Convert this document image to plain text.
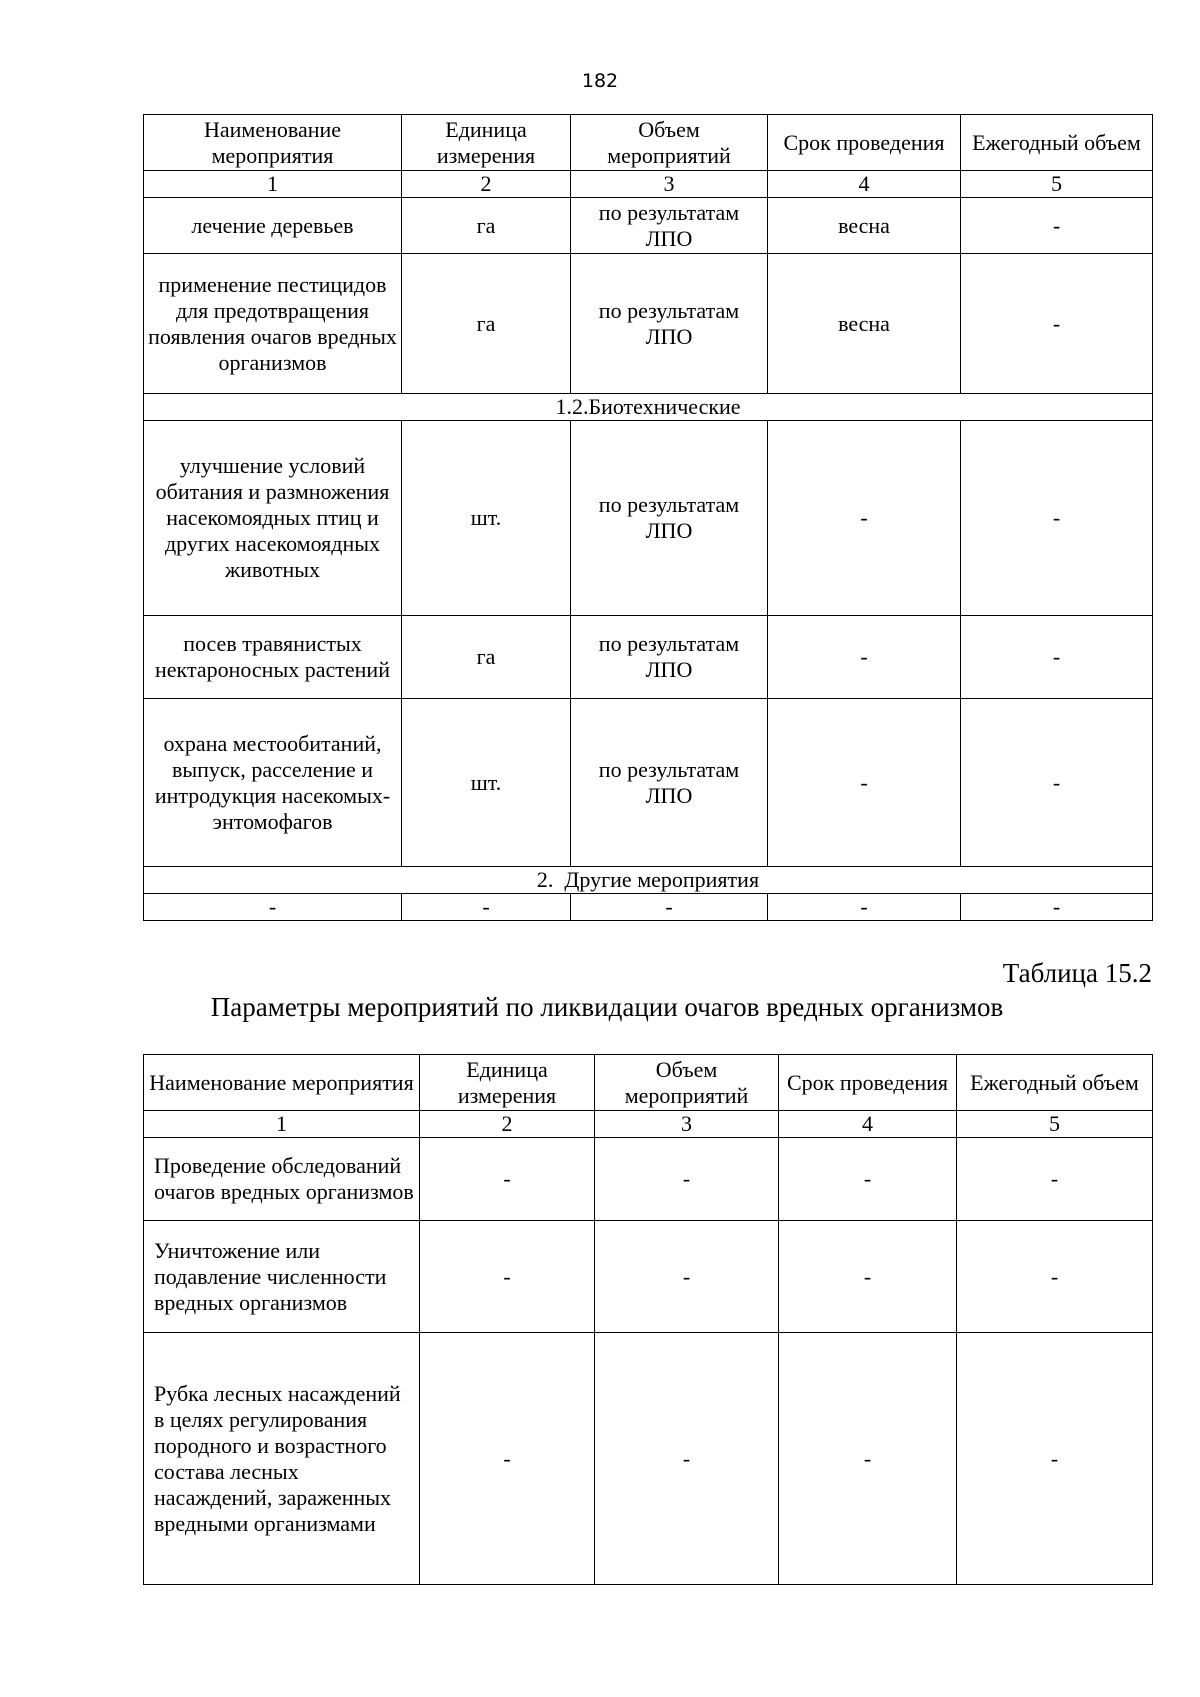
182
Наименование мероприятия	Единица измерения	Объем мероприятий	Срок проведения	Ежегодный объем
1	2	3	4	5
лечение деревьев	га	по результатам ЛПО	весна	-
применение пестицидов для предотвращения появления очагов вредных организмов	га	по результатам ЛПО	весна	-
1.2.Биотехнические				
улучшение условий обитания и размножения насекомоядных птиц и других насекомоядных животных	шт.	по результатам ЛПО	-	-
посев травянистых нектароносных растений	га	по результатам ЛПО	-	-
охрана местообитаний, выпуск, расселение и интродукция насекомых-энтомофагов	шт.	по результатам ЛПО	-	-
2.  Другие мероприятия				
-	-	-	-	-
Таблица 15.2
Параметры мероприятий по ликвидации очагов вредных организмов
Наименование мероприятия	Единица измерения	Объем мероприятий	Срок проведения	Ежегодный объем
1	2	3	4	5
Проведение обследований очагов вредных организмов	-	-	-	-
Уничтожение или подавление численности вредных организмов	-	-	-	-
Рубка лесных насаждений в целях регулирования породного и возрастного состава лесных насаждений, зараженных вредными организмами	-	-	-	-
